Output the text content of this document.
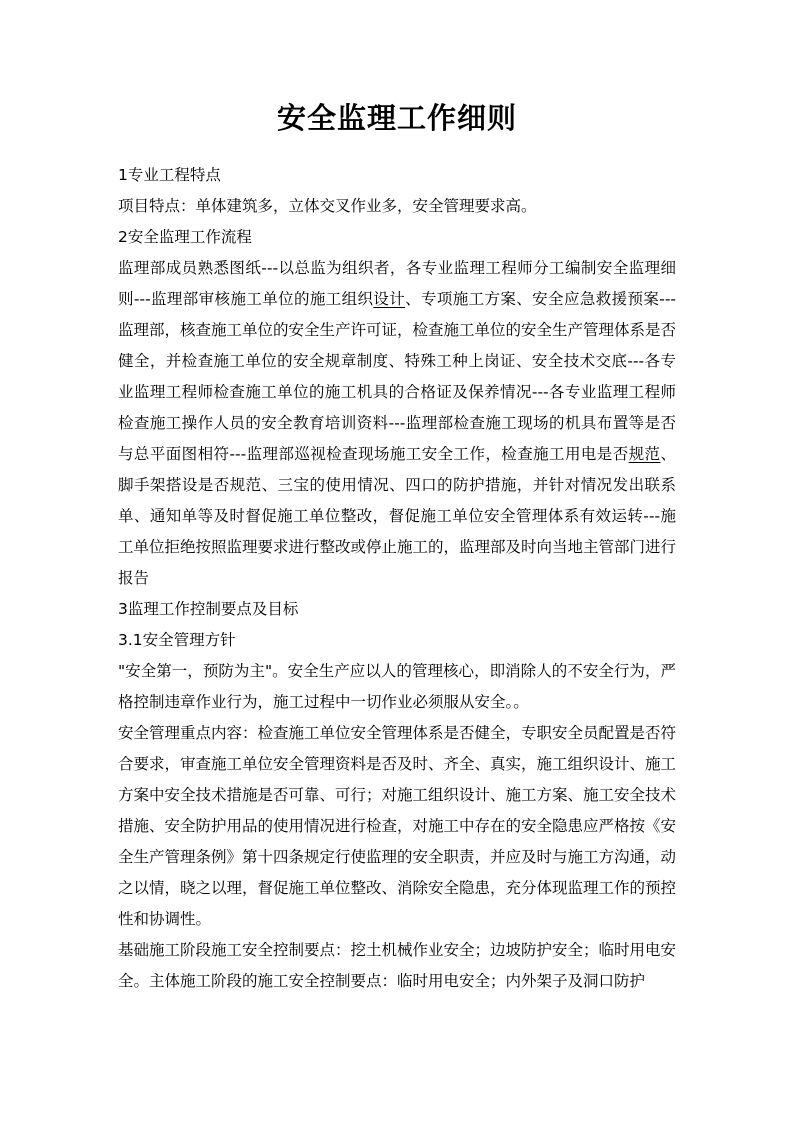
安全监理工作细则

1专业工程特点

项目特点：单体建筑多，立体交叉作业多，安全管理要求高。

2安全监理工作流程

监理部成员熟悉图纸---以总监为组织者，各专业监理工程师分工编制安全监理细则---监理部审核施工单位的施工组织设计、专项施工方案、安全应急救援预案---监理部，核查施工单位的安全生产许可证，检查施工单位的安全生产管理体系是否健全，并检查施工单位的安全规章制度、特殊工种上岗证、安全技术交底---各专业监理工程师检查施工单位的施工机具的合格证及保养情况---各专业监理工程师检查施工操作人员的安全教育培训资料---监理部检查施工现场的机具布置等是否与总平面图相符---监理部巡视检查现场施工安全工作，检查施工用电是否规范、脚手架搭设是否规范、三宝的使用情况、四口的防护措施，并针对情况发出联系单、通知单等及时督促施工单位整改，督促施工单位安全管理体系有效运转---施工单位拒绝按照监理要求进行整改或停止施工的，监理部及时向当地主管部门进行报告

3监理工作控制要点及目标

3.1安全管理方针

"安全第一，预防为主"。安全生产应以人的管理核心，即消除人的不安全行为，严格控制违章作业行为，施工过程中一切作业必须服从安全。。

安全管理重点内容：检查施工单位安全管理体系是否健全，专职安全员配置是否符合要求，审查施工单位安全管理资料是否及时、齐全、真实，施工组织设计、施工方案中安全技术措施是否可靠、可行；对施工组织设计、施工方案、施工安全技术措施、安全防护用品的使用情况进行检查，对施工中存在的安全隐患应严格按《安全生产管理条例》第十四条规定行使监理的安全职责，并应及时与施工方沟通，动之以情，晓之以理，督促施工单位整改、消除安全隐患，充分体现监理工作的预控性和协调性。

基础施工阶段施工安全控制要点：挖土机械作业安全；边坡防护安全；临时用电安全。主体施工阶段的施工安全控制要点：临时用电安全；内外架子及洞口防护
